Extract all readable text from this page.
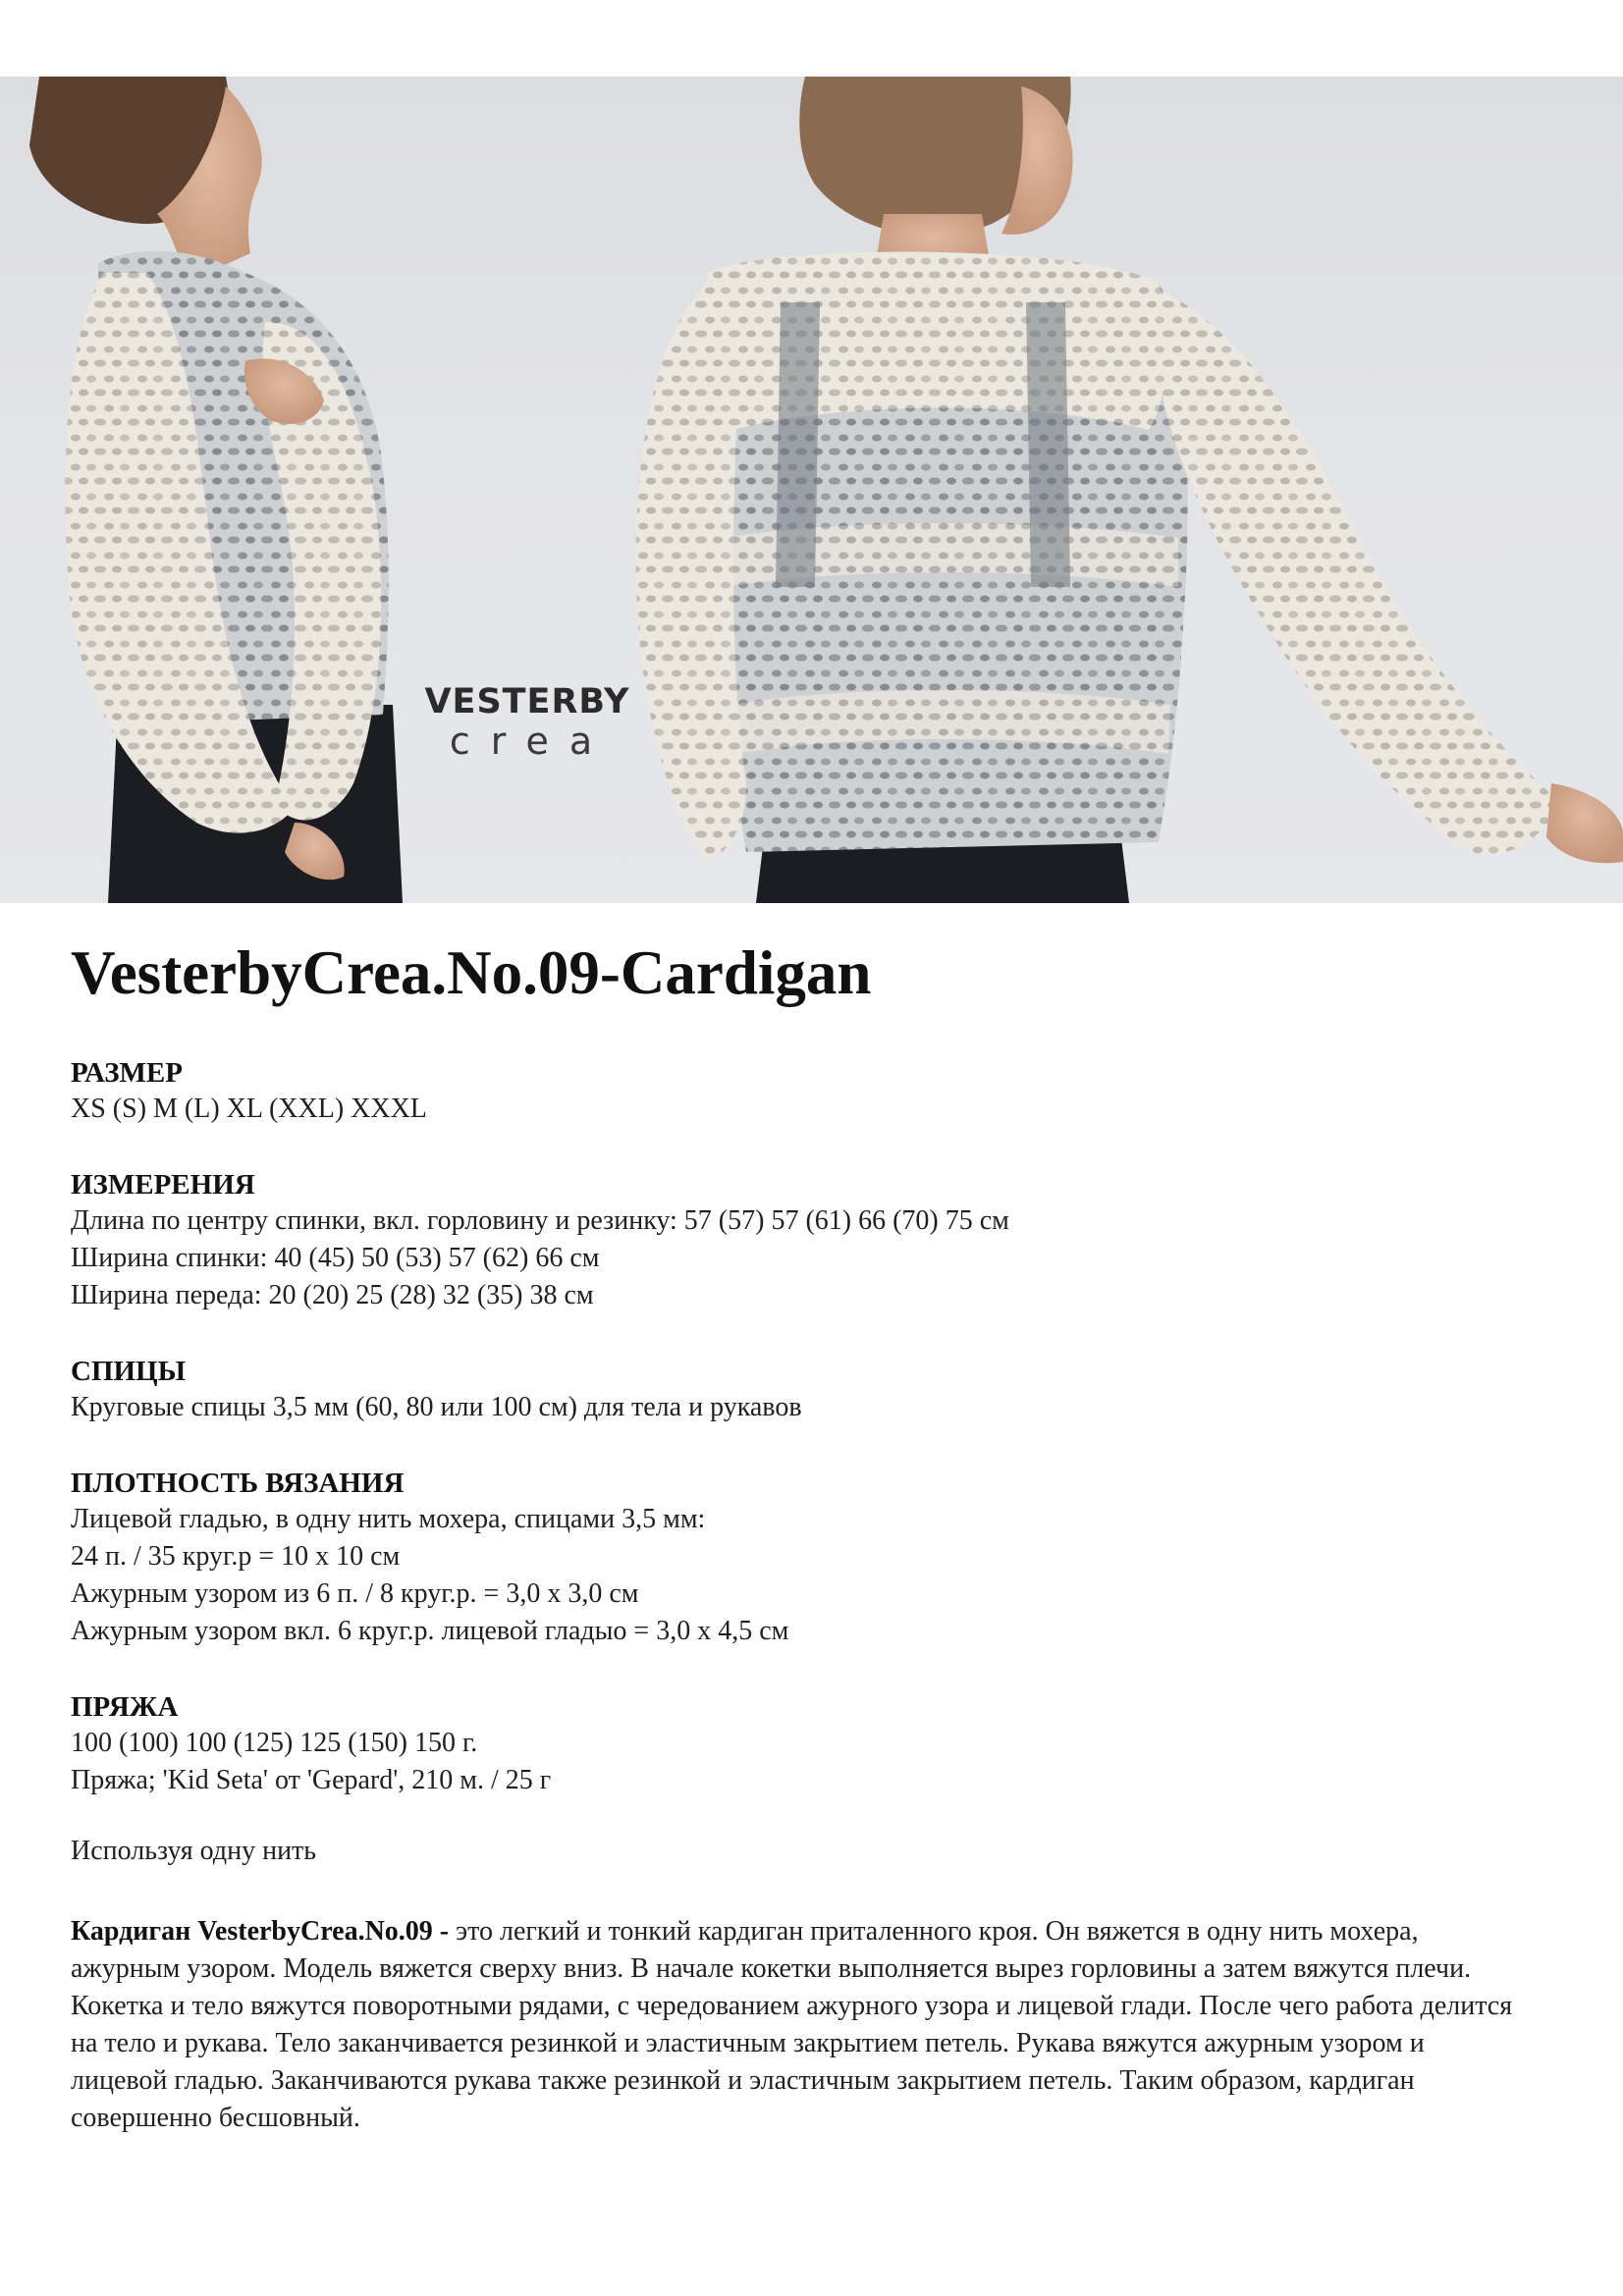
VESTERBY
crea
VesterbyCrea.No.09-Cardigan

РАЗМЕР

XS (S) M (L) XL (XXL) XXXL

ИЗМЕРЕНИЯ

Длина по центру спинки, вкл. горловину и резинку: 57 (57) 57 (61) 66 (70) 75 см

Ширина спинки: 40 (45) 50 (53) 57 (62) 66 см

Ширина переда: 20 (20) 25 (28) 32 (35) 38 см

СПИЦЫ

Круговые спицы 3,5 мм (60, 80 или 100 см) для тела и рукавов

ПЛОТНОСТЬ ВЯЗАНИЯ

Лицевой гладью, в одну нить мохера, спицами 3,5 мм:

24 п. / 35 круг.р = 10 х 10 см

Ажурным узором из 6 п. / 8 круг.р. = 3,0 х 3,0 см

Ажурным узором вкл. 6 круг.р. лицевой гладыо = 3,0 х 4,5 см

ПРЯЖА

100 (100) 100 (125) 125 (150) 150 г.

Пряжа; 'Kid Seta' от 'Gepard', 210 м. / 25 г

Используя одну нить

Кардиган VesterbyCrea.No.09 - это легкий и тонкий кардиган приталенного кроя. Он вяжется в одну нить мохера, ажурным узором. Модель вяжется сверху вниз. В начале кокетки выполняется вырез горловины а затем вяжутся плечи. Кокетка и тело вяжутся поворотными рядами, с чередованием ажурного узора и лицевой глади. После чего работа делится на тело и рукава. Тело заканчивается резинкой и эластичным закрытием петель. Рукава вяжутся ажурным узором и лицевой гладью. Заканчиваются рукава также резинкой и эластичным закрытием петель. Таким образом, кардиган совершенно бесшовный.
